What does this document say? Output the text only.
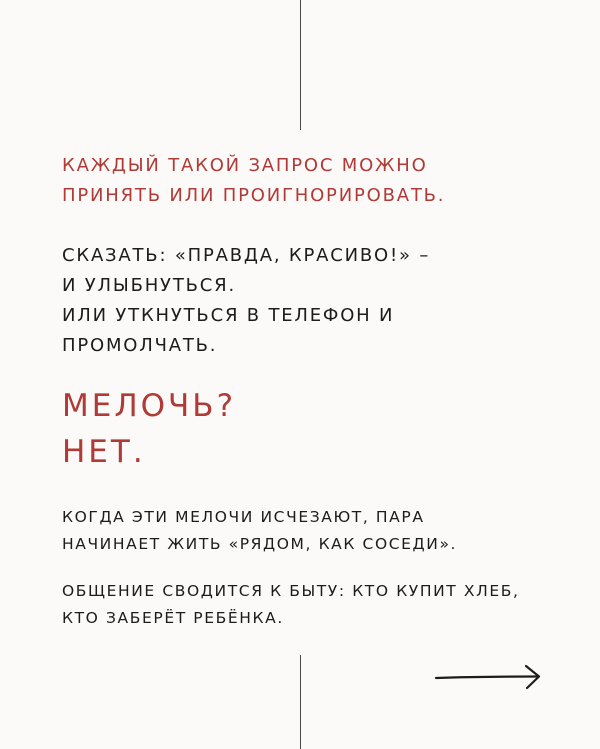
КАЖДЫЙ ТАКОЙ ЗАПРОС МОЖНО
ПРИНЯТЬ ИЛИ ПРОИГНОРИРОВАТЬ.
СКАЗАТЬ: «ПРАВДА, КРАСИВО!» –
И УЛЫБНУТЬСЯ.
ИЛИ УТКНУТЬСЯ В ТЕЛЕФОН И
ПРОМОЛЧАТЬ.
МЕЛОЧЬ?
НЕТ.
КОГДА ЭТИ МЕЛОЧИ ИСЧЕЗАЮТ, ПАРА
НАЧИНАЕТ ЖИТЬ «РЯДОМ, КАК СОСЕДИ».
ОБЩЕНИЕ СВОДИТСЯ К БЫТУ: КТО КУПИТ ХЛЕБ,
КТО ЗАБЕРЁТ РЕБЁНКА.
